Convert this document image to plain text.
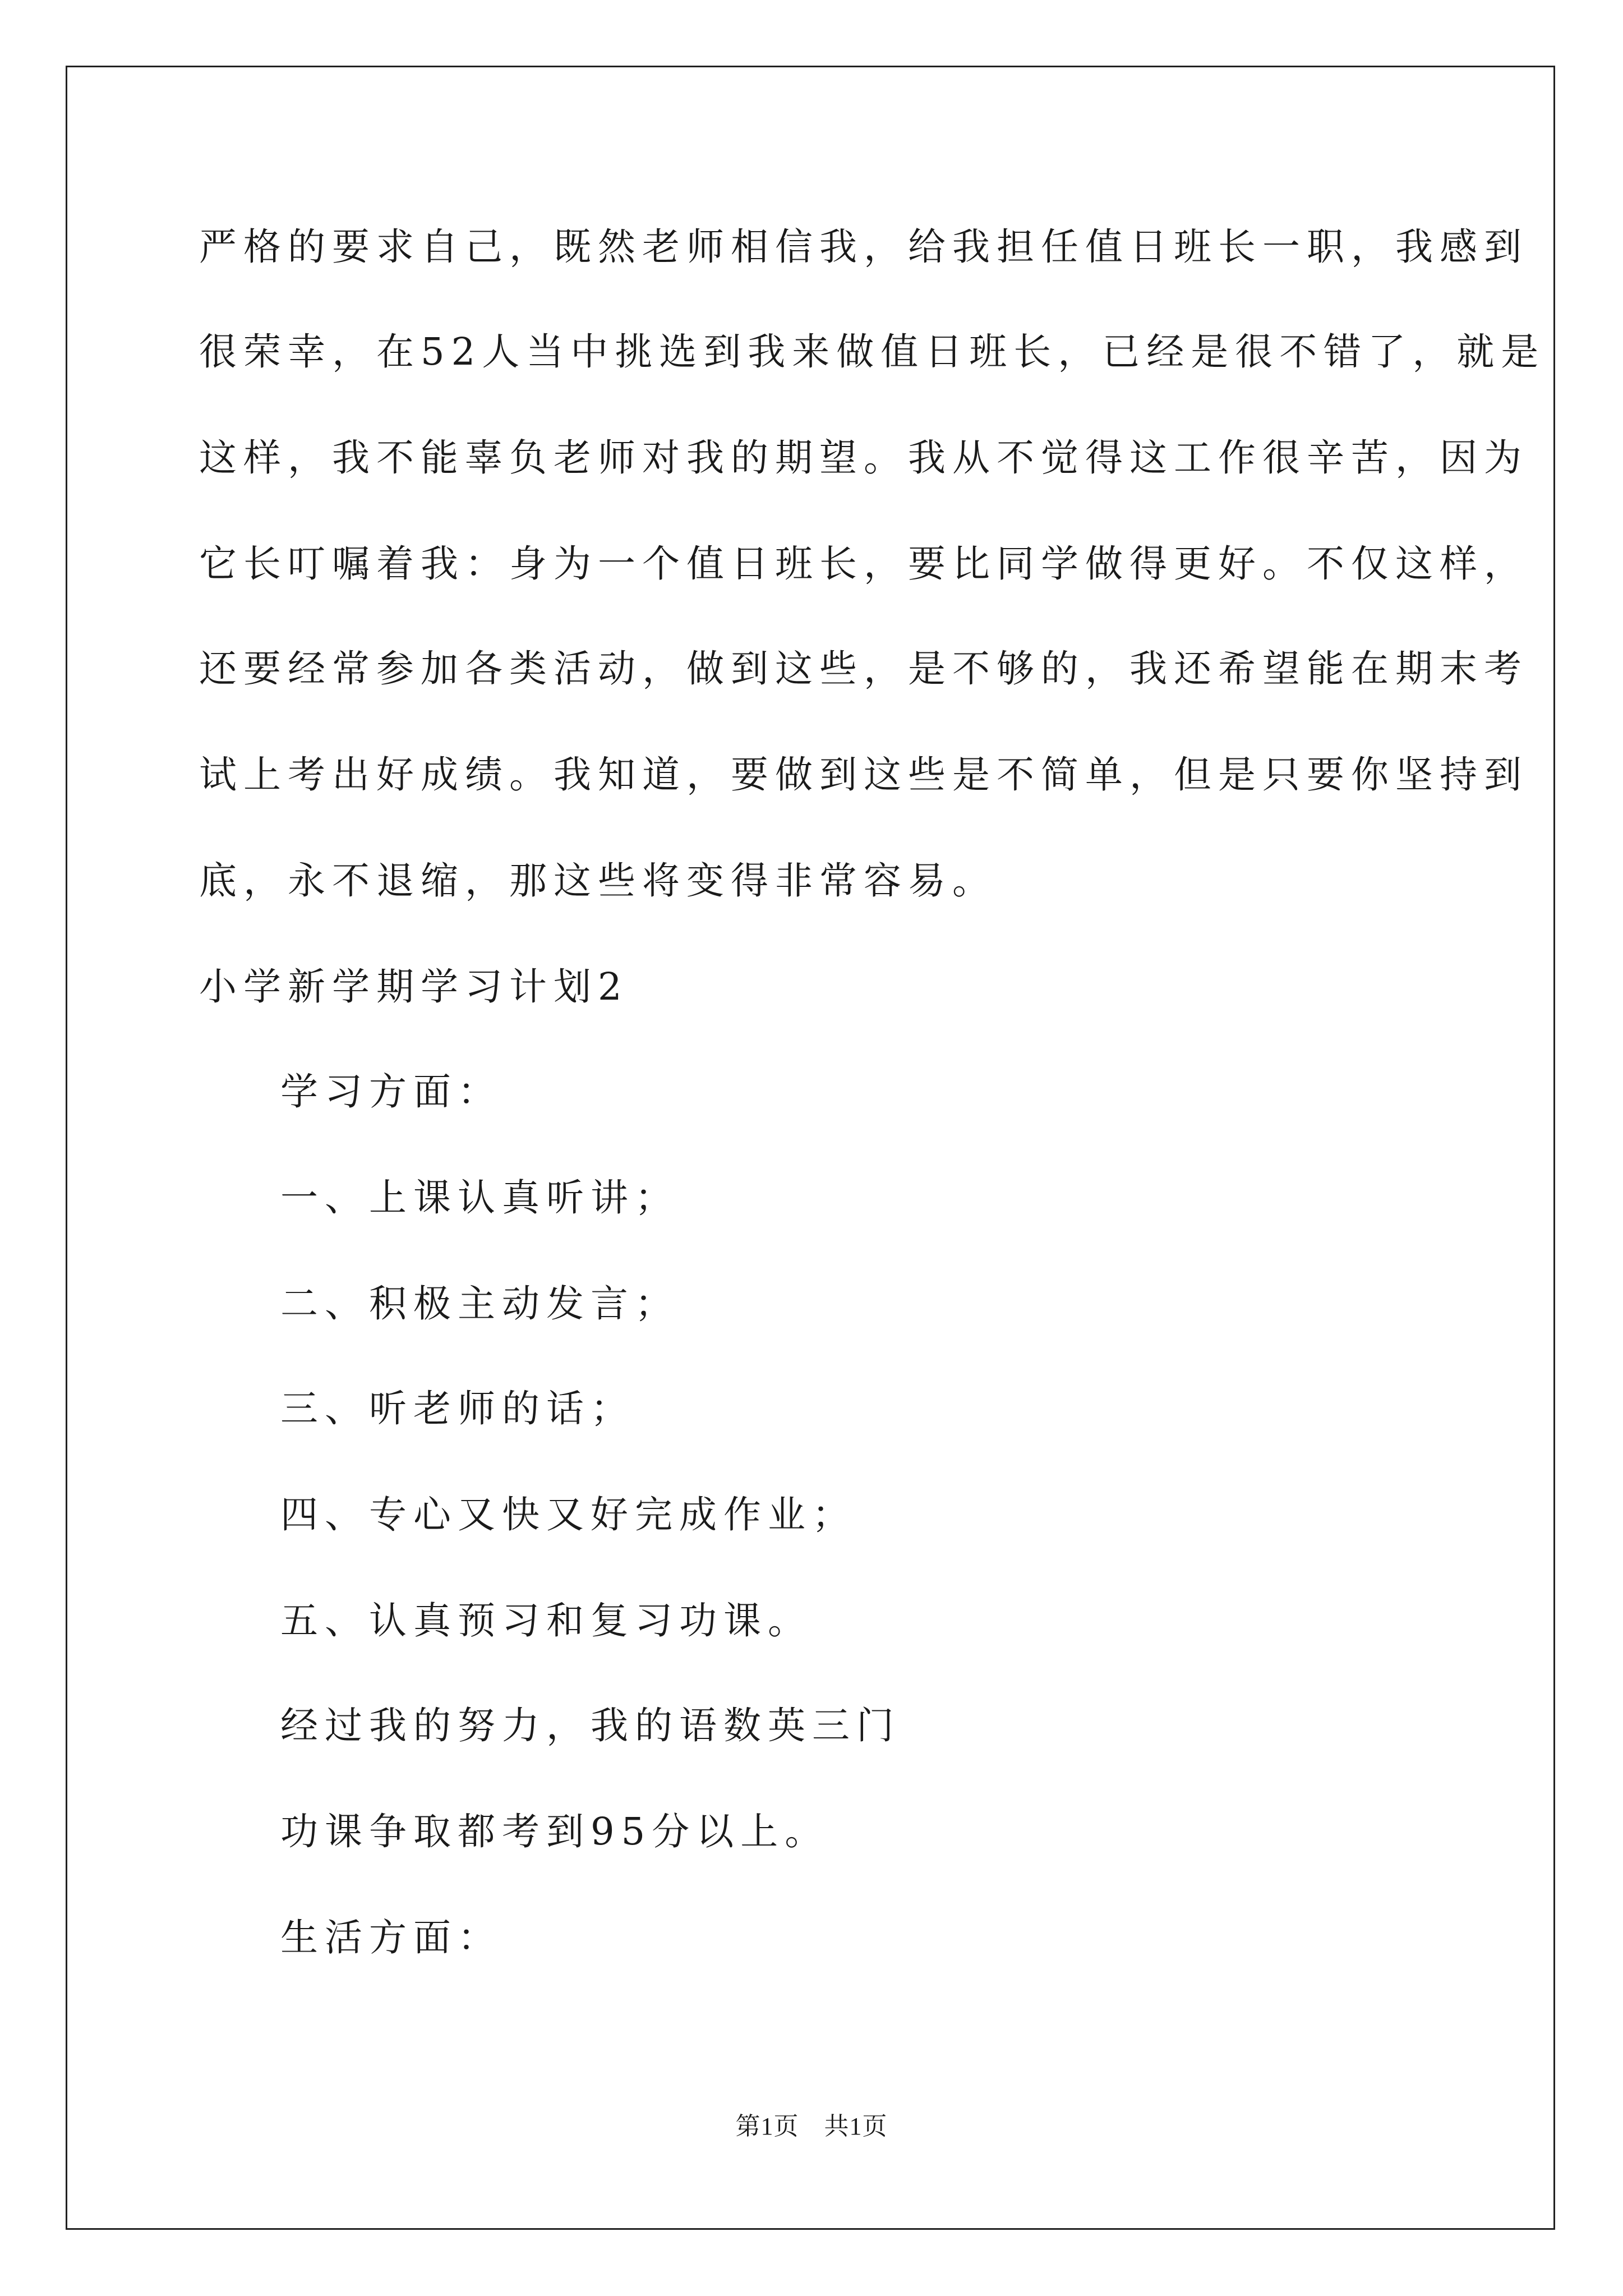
严格的要求自己，既然老师相信我，给我担任值日班长一职，我感到
很荣幸，在52人当中挑选到我来做值日班长，已经是很不错了，就是
这样，我不能辜负老师对我的期望。我从不觉得这工作很辛苦，因为
它长叮嘱着我：身为一个值日班长，要比同学做得更好。不仅这样，
还要经常参加各类活动，做到这些，是不够的，我还希望能在期末考
试上考出好成绩。我知道，要做到这些是不简单，但是只要你坚持到
底，永不退缩，那这些将变得非常容易。
小学新学期学习计划2
学习方面：
一、上课认真听讲；
二、积极主动发言；
三、听老师的话；
四、专心又快又好完成作业；
五、认真预习和复习功课。
经过我的努力，我的语数英三门
功课争取都考到95分以上。
生活方面：
第1页　共1页
